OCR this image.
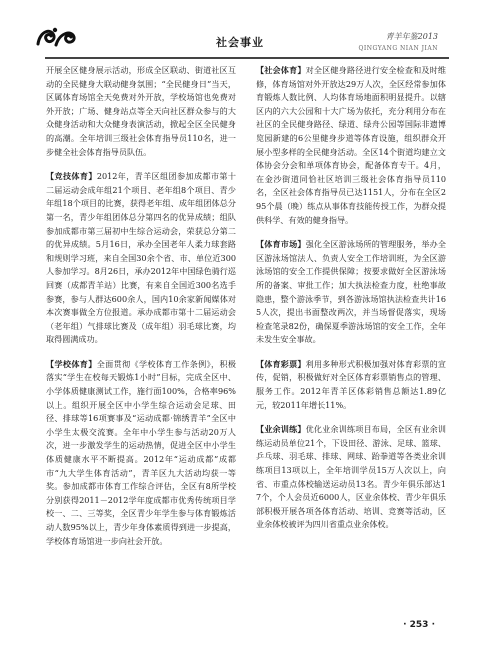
社会事业	青羊年鉴2013
QINGYANG NIAN JIAN

开展全区健身展示活动，形成全区联动、街道社区互动的全民健身大联动健身氛围；“全民健身日”当天，区属体育场馆全天免费对外开放，学校场馆也免费对外开放；广场、健身站点等全天向社区群众参与的大众健身活动和大众健身表演活动，掀起全区全民健身的高潮。全年培训三级社会体育指导员110名，进一步健全社会体育指导员队伍。

【竞技体育】2012年，青羊区组团参加成都市第十二届运动会成年组21个项目、老年组8个项目、青少年组18个项目的比赛，获得老年组、成年组团体总分第一名，青少年组团体总分第四名的优异成绩；组队参加成都市第三届初中生综合运动会，荣获总分第二的优异成绩。5月16日，承办全国老年人柔力球套路和规则学习班，来自全国30余个省、市、单位近300人参加学习。8月26日，承办2012年中国绿色骑行巡回赛（成都青羊站）比赛，有来自全国近300名选手参赛，参与人群达600余人，国内10余家新闻媒体对本次赛事做全方位报道。承办成都市第十二届运动会（老年组）气排球比赛及（成年组）羽毛球比赛，均取得圆满成功。

【学校体育】全面贯彻《学校体育工作条例》，积极落实“学生在校每天锻炼1小时”目标，完成全区中、小学体质健康测试工作，施行面100%，合格率96%以上。组织开展全区中小学生综合运动会足球、田径、排球等16项赛事及“运动成都·锦绣青羊”全区中小学生太极交流赛。全年中小学生参与活动20万人次，进一步激发学生的运动热情，促进全区中小学生体质健康水平不断提高。2012年“运动成都”成都市“九大学生体育活动”，青羊区九大活动均获一等奖。参加成都市体育工作综合评估，全区有8所学校分别获得2011－2012学年度成都市优秀传统项目学校一、二、三等奖，全区青少年学生参与体育锻炼活动人数95%以上，青少年身体素质得到进一步提高，学校体育场馆进一步向社会开放。

【社会体育】对全区健身路径进行安全检查和及时维修，体育场馆对外开放达29万人次，全区经常参加体育锻炼人数比例、人均体育场地面积明显提升。以辖区内的六大公园和十大广场为依托，充分利用分布在社区的全民健身路径、绿道、绿舟公园等国际非遗博览园新建的6公里健身步道等体育设施，组织群众开展小型多样的全民健身活动。全区14个街道均建立文体协会分会和单项体育协会，配备体育专干。4月，在金沙街道同恰社区培训三级社会体育指导员110名，全区社会体育指导员已达1151人，分布在全区295个晨（晚）练点从事体育技能传授工作，为群众提供科学、有效的健身指导。

【体育市场】强化全区游泳场所的管理服务，举办全区游泳场馆法人、负责人安全工作培训班，为全区游泳场馆的安全工作提供保障；按要求做好全区游泳场所的备案、审批工作；加大执法检查力度，杜绝事故隐患，整个游泳季节，到各游泳场馆执法检查共计165人次，提出书面整改两次，并当场督促落实，现场检查笔录82份，确保夏季游泳场馆的安全工作，全年未发生安全事故。

【体育彩票】利用多种形式积极加强对体育彩票的宣传，促销，积极做好对全区体育彩票销售点的管理、服务工作。2012年青羊区体彩销售总额达1.89亿元，较2011年增长11%。

【业余训练】优化业余训练项目布局，全区有业余训练运动员单位21个，下设田径、游泳、足球、篮球、乒乓球、羽毛球、排球、网球、跆拳道等各类业余训练项目13项以上，全年培训学员15万人次以上，向省、市重点体校输送运动员13名。青少年俱乐部达17个，个人会员近6000人，区业余体校、青少年俱乐部积极开展各项各体育活动、培训、竞赛等活动，区业余体校被评为四川省重点业余体校。

· 253 ·
